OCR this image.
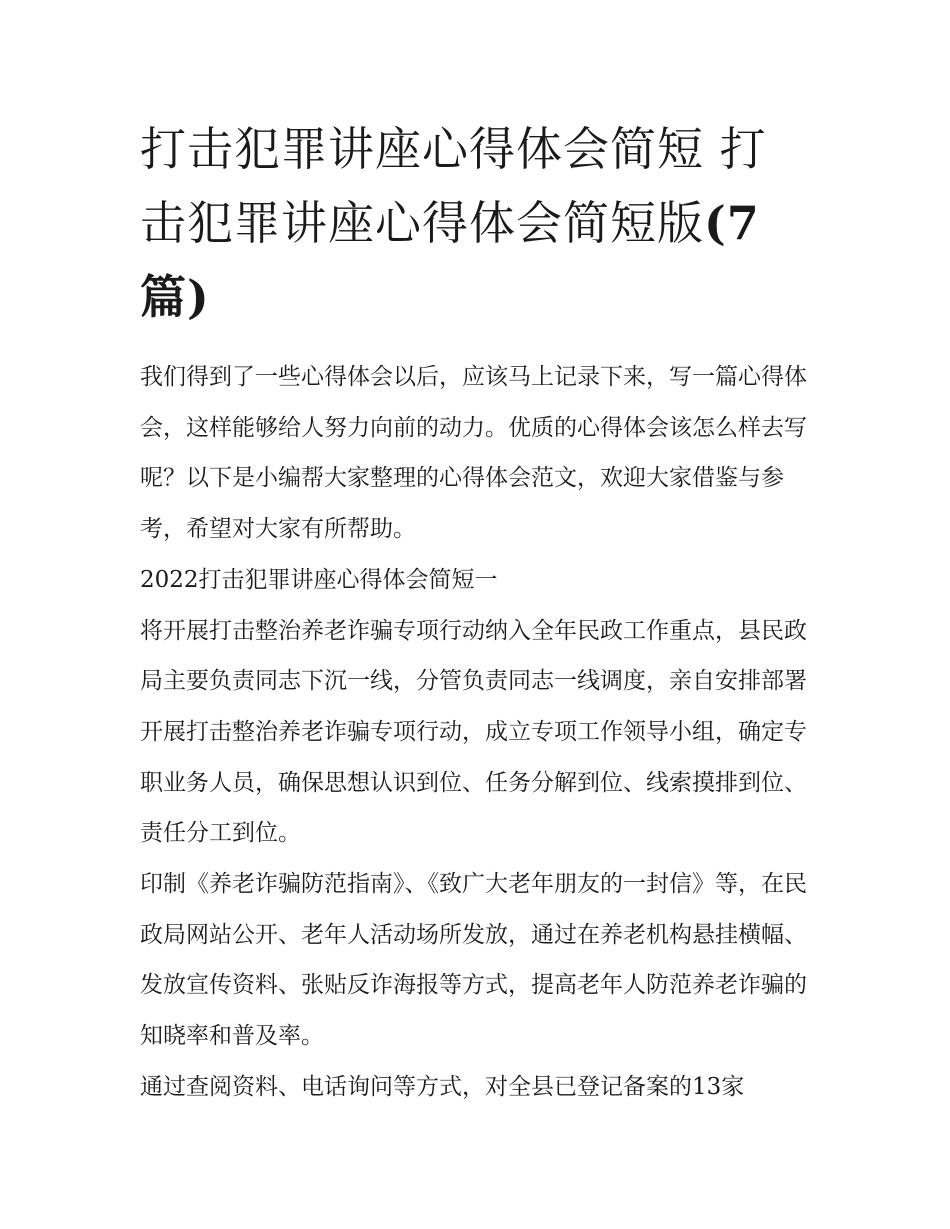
打击犯罪讲座心得体会简短 打击犯罪讲座心得体会简短版(7篇)

我们得到了一些心得体会以后，应该马上记录下来，写一篇心得体会，这样能够给人努力向前的动力。优质的心得体会该怎么样去写呢？以下是小编帮大家整理的心得体会范文，欢迎大家借鉴与参考，希望对大家有所帮助。

2022打击犯罪讲座心得体会简短一

将开展打击整治养老诈骗专项行动纳入全年民政工作重点，县民政局主要负责同志下沉一线，分管负责同志一线调度，亲自安排部署开展打击整治养老诈骗专项行动，成立专项工作领导小组，确定专职业务人员，确保思想认识到位、任务分解到位、线索摸排到位、责任分工到位。

印制《养老诈骗防范指南》、《致广大老年朋友的一封信》等，在民政局网站公开、老年人活动场所发放，通过在养老机构悬挂横幅、发放宣传资料、张贴反诈海报等方式，提高老年人防范养老诈骗的知晓率和普及率。

通过查阅资料、电话询问等方式，对全县已登记备案的13家
